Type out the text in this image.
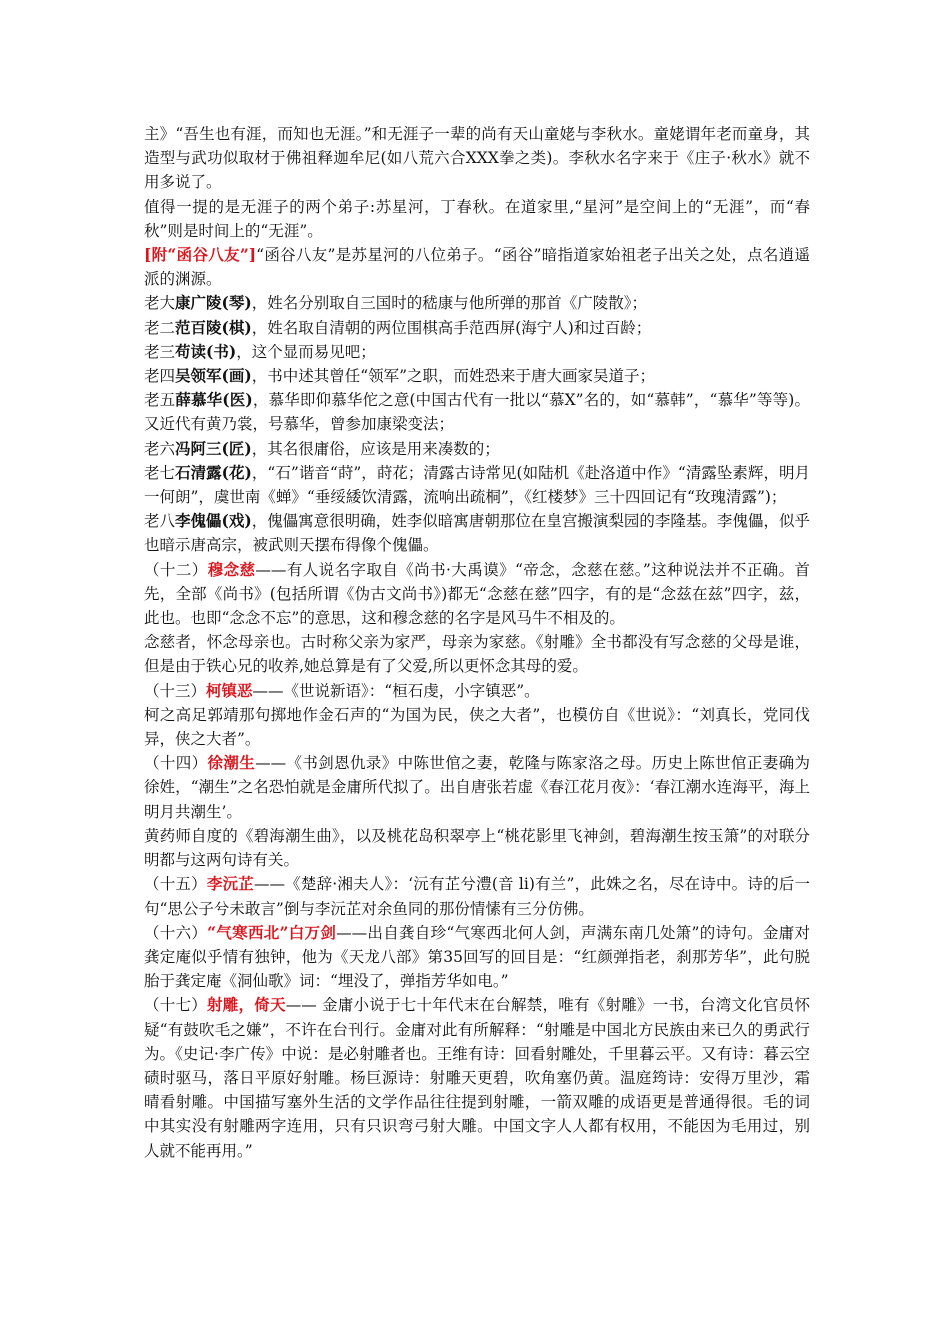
主》“吾生也有涯，而知也无涯。”和无涯子一辈的尚有天山童姥与李秋水。童姥谓年老而童身，其造型与武功似取材于佛祖释迦牟尼(如八荒六合XXX拳之类)。李秋水名字来于《庄子·秋水》就不用多说了。

值得一提的是无涯子的两个弟子:苏星河，丁春秋。在道家里,“星河”是空间上的“无涯”，而“春秋”则是时间上的“无涯”。

[附“函谷八友”]“函谷八友”是苏星河的八位弟子。“函谷”暗指道家始祖老子出关之处，点名逍遥派的渊源。

老大康广陵(琴)，姓名分别取自三国时的嵇康与他所弹的那首《广陵散》；

老二范百陵(棋)，姓名取自清朝的两位围棋高手范西屏(海宁人)和过百龄；

老三苟读(书)，这个显而易见吧；

老四吴领军(画)，书中述其曾任“领军”之职，而姓恐来于唐大画家吴道子；

老五薛慕华(医)，慕华即仰慕华佗之意(中国古代有一批以“慕X”名的，如“慕韩”，“慕华”等等)。又近代有黄乃裳，号慕华，曾参加康梁变法；

老六冯阿三(匠)，其名很庸俗，应该是用来凑数的；

老七石清露(花)，“石”谐音“莳”，莳花；清露古诗常见(如陆机《赴洛道中作》“清露坠素辉，明月一何朗”，虞世南《蝉》“垂绥緌饮清露，流响出疏桐”，《红楼梦》三十四回记有“玫瑰清露”)；

老八李傀儡(戏)，傀儡寓意很明确，姓李似暗寓唐朝那位在皇宫搬演梨园的李隆基。李傀儡，似乎也暗示唐高宗，被武则天摆布得像个傀儡。

（十二）穆念慈——有人说名字取自《尚书·大禹谟》“帝念，念慈在慈。”这种说法并不正确。首先，全部《尚书》(包括所谓《伪古文尚书》)都无“念慈在慈”四字，有的是“念兹在兹”四字，兹，此也。也即“念念不忘”的意思，这和穆念慈的名字是风马牛不相及的。

念慈者，怀念母亲也。古时称父亲为家严，母亲为家慈。《射雕》全书都没有写念慈的父母是谁，但是由于铁心兄的收养,她总算是有了父爱,所以更怀念其母的爱。

（十三）柯镇恶——《世说新语》：“桓石虔，小字镇恶”。

柯之高足郭靖那句掷地作金石声的“为国为民，侠之大者”，也模仿自《世说》：“刘真长，党同伐异，侠之大者”。

（十四）徐潮生——《书剑恩仇录》中陈世倌之妻，乾隆与陈家洛之母。历史上陈世倌正妻确为徐姓，“潮生”之名恐怕就是金庸所代拟了。出自唐张若虚《春江花月夜》：‘春江潮水连海平，海上明月共潮生’。

黄药师自度的《碧海潮生曲》，以及桃花岛积翠亭上“桃花影里飞神剑，碧海潮生按玉箫”的对联分明都与这两句诗有关。

（十五）李沅芷——《楚辞·湘夫人》：‘沅有芷兮澧(音 li)有兰”，此姝之名，尽在诗中。诗的后一句“思公子兮未敢言”倒与李沅芷对余鱼同的那份情愫有三分仿佛。

（十六）“气寒西北”白万剑——出自龚自珍“气寒西北何人剑，声满东南几处箫”的诗句。金庸对龚定庵似乎情有独钟，他为《天龙八部》第35回写的回目是：“红颜弹指老，刹那芳华”，此句脱胎于龚定庵《洞仙歌》词：“埋没了，弹指芳华如电。”

（十七）射雕，倚天—— 金庸小说于七十年代末在台解禁，唯有《射雕》一书，台湾文化官员怀疑“有鼓吹毛之嫌”，不许在台刊行。金庸对此有所解释：“射雕是中国北方民族由来已久的勇武行为。《史记·李广传》中说：是必射雕者也。王维有诗：回看射雕处，千里暮云平。又有诗：暮云空碛时驱马，落日平原好射雕。杨巨源诗：射雕天更碧，吹角塞仍黄。温庭筠诗：安得万里沙，霜晴看射雕。中国描写塞外生活的文学作品往往提到射雕，一箭双雕的成语更是普通得很。毛的词中其实没有射雕两字连用，只有只识弯弓射大雕。中国文字人人都有权用，不能因为毛用过，别人就不能再用。”
